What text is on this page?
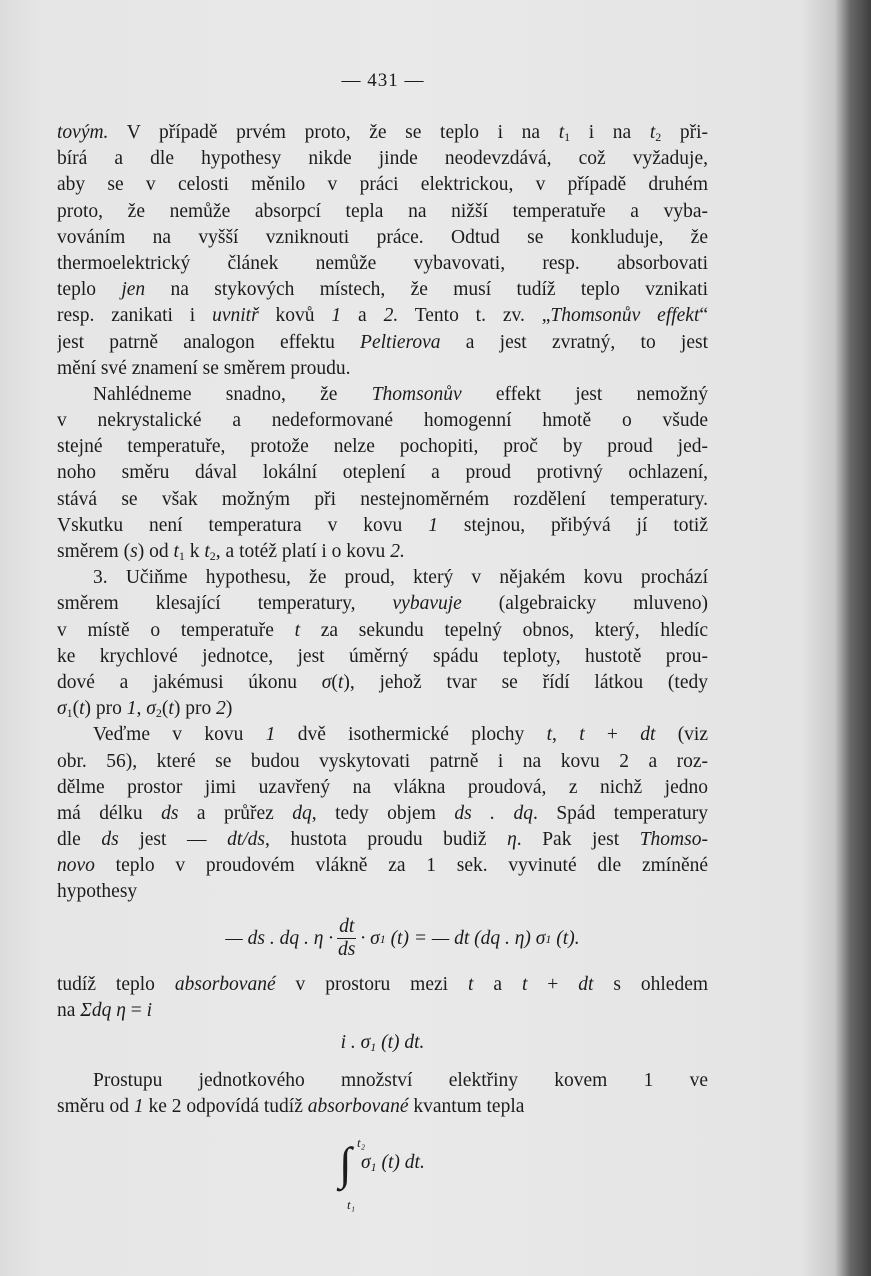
— 431 —
tovým. V případě prvém proto, že se teplo i na $t_1$ i na $t_2$ při-
bírá a dle hypothesy nikde jinde neodevzdává, což vyžaduje,
aby se v celosti měnilo v práci elektrickou, v případě druhém
proto, že nemůže absorpcí tepla na nižší temperatuře a vyba-
vováním na vyšší vzniknouti práce. Odtud se konkluduje, že
thermoelektrický článek nemůže vybavovati, resp. absorbovati
teplo jen na stykových místech, že musí tudíž teplo vznikati
resp. zanikati i uvnitř kovů 1 a 2. Tento t. zv. „Thomsonův effekt“
jest patrně analogon effektu Peltierova a jest zvratný, to jest
mění své znamení se směrem proudu.
Nahlédneme snadno, že Thomsonův effekt jest nemožný
v nekrystalické a nedeformované homogenní hmotě o všude
stejné temperatuře, protože nelze pochopiti, proč by proud jed-
noho směru dával lokální oteplení a proud protivný ochlazení,
stává se však možným při nestejnoměrném rozdělení temperatury.
Vskutku není temperatura v kovu 1 stejnou, přibývá jí totiž
směrem (s) od $t_1$ k $t_2$, a totéž platí i o kovu 2.
3. Učiňme hypothesu, že proud, který v nějakém kovu prochází
směrem klesající temperatury, vybavuje (algebraicky mluveno)
v místě o temperatuře t za sekundu tepelný obnos, který, hledíc
ke krychlové jednotce, jest úměrný spádu teploty, hustotě prou-
dové a jakémusi úkonu σ(t), jehož tvar se řídí látkou (tedy
$\sigma_1(t)$ pro 1, $\sigma_2(t)$ pro 2)
Veďme v kovu 1 dvě isothermické plochy t, t + dt (viz
obr. 56), které se budou vyskytovati patrně i na kovu 2 a roz-
dělme prostor jimi uzavřený na vlákna proudová, z nichž jedno
má délku ds a průřez dq, tedy objem ds . dq. Spád temperatury
dle ds jest — dt/ds, hustota proudu budiž η. Pak jest Thomso-
novo teplo v proudovém vlákně za 1 sek. vyvinuté dle zmíněné
hypothesy
— ds . dq . $\eta \cdot \frac{dt}{ds} \cdot \sigma$ 1
(t) = — dt (dq . η) σ 1
(t).
tudíž teplo absorbované v prostoru mezi t a t + dt s ohledem
na Σdq η = i
i . $\sigma_1$ (t) dt.
Prostupu jednotkového množství elektřiny kovem 1 ve
směru od 1 ke 2 odpovídá tudíž absorbované kvantum tepla
∫ t₂
t₁
$\sigma_1$ (t) dt.
